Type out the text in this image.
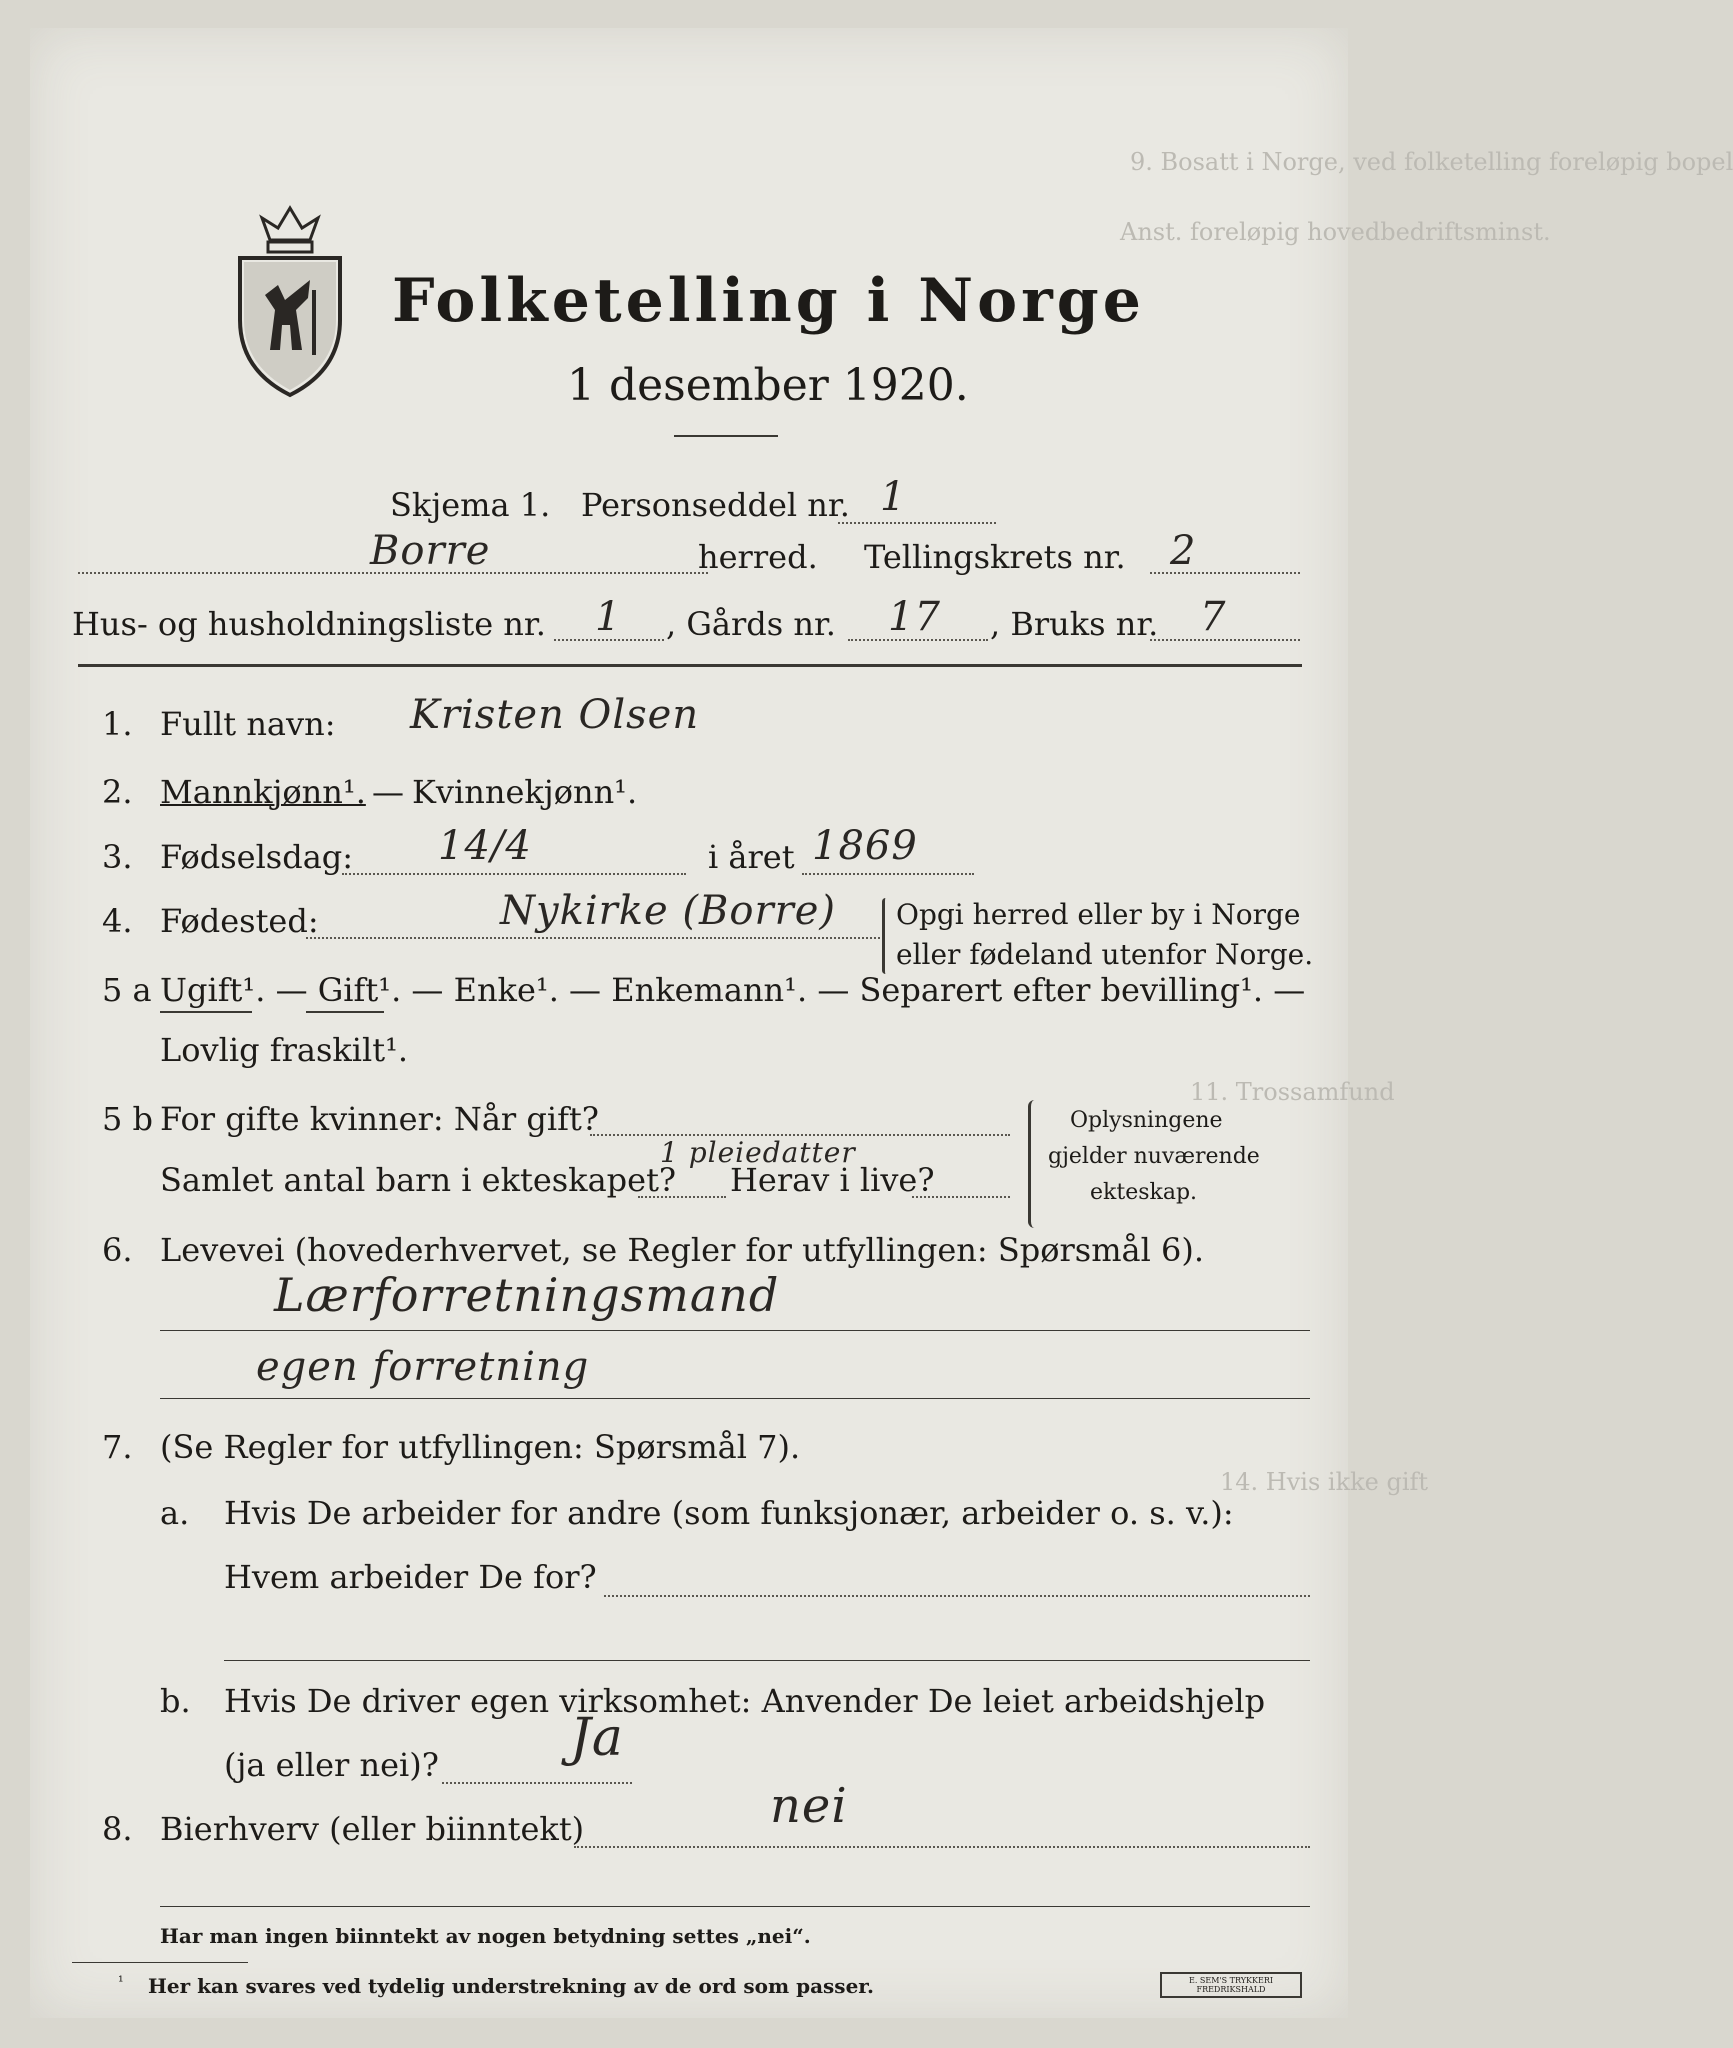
9. Bosatt i Norge, ved folketelling foreløpig bopel
Anst. foreløpig hovedbedriftsminst.
11. Trossamfund
14. Hvis ikke gift
Folketelling i Norge
1 desember 1920.
Skjema 1. Personseddel nr. 1
Borre	herred. Tellingskrets nr. 2
Hus- og husholdningsliste nr. 1 , Gårds nr. 17 , Bruks nr. 7
1. Fullt navn: Kristen Olsen
2. Mannkjønn¹. — Kvinnekjønn¹.
3. Fødselsdag: 14/4	i året 1869
4. Fødested:	Nykirke (Borre) Opgi herred eller by i Norge
eller fødeland utenfor Norge.
5 a Ugift¹. — Gift¹. — Enke¹. — Enkemann¹. — Separert efter bevilling¹. —
Lovlig fraskilt¹.
5 b For gifte kvinner: Når gift?
Samlet antal barn i ekteskapet?
1 pleiedatter
Herav i live?
Oplysningene
gjelder nuværende
ekteskap.
6. Levevei (hovederhvervet, se Regler for utfyllingen: Spørsmål 6).
Lærforretningsmand
egen forretning
7. (Se Regler for utfyllingen: Spørsmål 7).
a. Hvis De arbeider for andre (som funksjonær, arbeider o. s. v.):
Hvem arbeider De for?
b. Hvis De driver egen virksomhet: Anvender De leiet arbeidshjelp
(ja eller nei)?	Ja
8. Bierhverv (eller biinntekt)	nei
Har man ingen biinntekt av nogen betydning settes „nei“.
¹ Her kan svares ved tydelig understrekning av de ord som passer.	E. SEM'S TRYKKERI
FREDRIKSHALD
